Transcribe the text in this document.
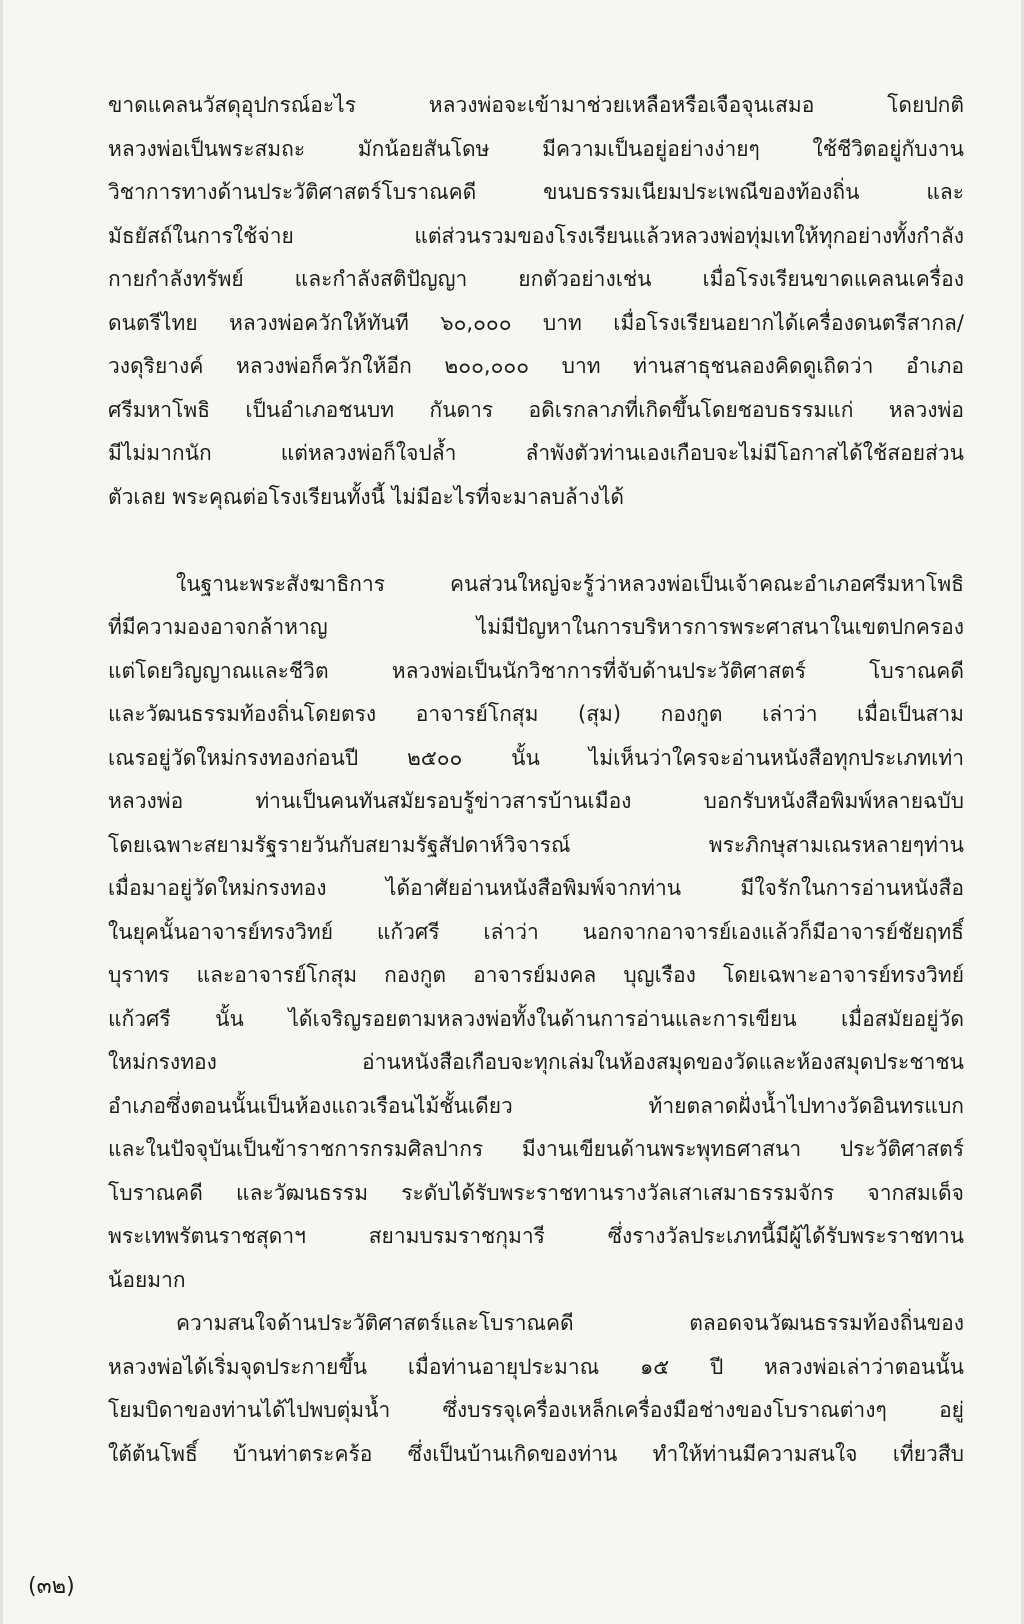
ขาดแคลนวัสดุอุปกรณ์อะไร หลวงพ่อจะเข้ามาช่วยเหลือหรือเจือจุนเสมอ โดยปกติ
หลวงพ่อเป็นพระสมถะ มักน้อยสันโดษ มีความเป็นอยู่อย่างง่ายๆ ใช้ชีวิตอยู่กับงาน
วิชาการทางด้านประวัติศาสตร์โบราณคดี ขนบธรรมเนียมประเพณีของท้องถิ่น และ
มัธยัสถ์ในการใช้จ่าย แต่ส่วนรวมของโรงเรียนแล้วหลวงพ่อทุ่มเทให้ทุกอย่างทั้งกำลัง
กายกำลังทรัพย์ และกำลังสติปัญญา ยกตัวอย่างเช่น เมื่อโรงเรียนขาดแคลนเครื่อง
ดนตรีไทย หลวงพ่อควักให้ทันที ๖๐,๐๐๐ บาท เมื่อโรงเรียนอยากได้เครื่องดนตรีสากล/
วงดุริยางค์ หลวงพ่อก็ควักให้อีก ๒๐๐,๐๐๐ บาท ท่านสาธุชนลองคิดดูเถิดว่า อำเภอ
ศรีมหาโพธิ เป็นอำเภอชนบท กันดาร อดิเรกลาภที่เกิดขึ้นโดยชอบธรรมแก่ หลวงพ่อ
มีไม่มากนัก แต่หลวงพ่อก็ใจปล้ำ ลำพังตัวท่านเองเกือบจะไม่มีโอกาสได้ใช้สอยส่วน
ตัวเลย พระคุณต่อโรงเรียนทั้งนี้ ไม่มีอะไรที่จะมาลบล้างได้
ในฐานะพระสังฆาธิการ คนส่วนใหญ่จะรู้ว่าหลวงพ่อเป็นเจ้าคณะอำเภอศรีมหาโพธิ
ที่มีความองอาจกล้าหาญ ไม่มีปัญหาในการบริหารการพระศาสนาในเขตปกครอง
แต่โดยวิญญาณและชีวิต หลวงพ่อเป็นนักวิชาการที่จับด้านประวัติศาสตร์ โบราณคดี
และวัฒนธรรมท้องถิ่นโดยตรง อาจารย์โกสุม (สุม) กองกูต เล่าว่า เมื่อเป็นสาม
เณรอยู่วัดใหม่กรงทองก่อนปี ๒๕๐๐ นั้น ไม่เห็นว่าใครจะอ่านหนังสือทุกประเภทเท่า
หลวงพ่อ ท่านเป็นคนทันสมัยรอบรู้ข่าวสารบ้านเมือง บอกรับหนังสือพิมพ์หลายฉบับ
โดยเฉพาะสยามรัฐรายวันกับสยามรัฐสัปดาห์วิจารณ์ พระภิกษุสามเณรหลายๆท่าน
เมื่อมาอยู่วัดใหม่กรงทอง ได้อาศัยอ่านหนังสือพิมพ์จากท่าน มีใจรักในการอ่านหนังสือ
ในยุคนั้นอาจารย์ทรงวิทย์ แก้วศรี เล่าว่า นอกจากอาจารย์เองแล้วก็มีอาจารย์ชัยฤทธิ์
บุราทร และอาจารย์โกสุม กองกูต อาจารย์มงคล บุญเรือง โดยเฉพาะอาจารย์ทรงวิทย์
แก้วศรี นั้น ได้เจริญรอยตามหลวงพ่อทั้งในด้านการอ่านและการเขียน เมื่อสมัยอยู่วัด
ใหม่กรงทอง อ่านหนังสือเกือบจะทุกเล่มในห้องสมุดของวัดและห้องสมุดประชาชน
อำเภอซึ่งตอนนั้นเป็นห้องแถวเรือนไม้ชั้นเดียว ท้ายตลาดฝั่งน้ำไปทางวัดอินทรแบก
และในปัจจุบันเป็นข้าราชการกรมศิลปากร มีงานเขียนด้านพระพุทธศาสนา ประวัติศาสตร์
โบราณคดี และวัฒนธรรม ระดับได้รับพระราชทานรางวัลเสาเสมาธรรมจักร จากสมเด็จ
พระเทพรัตนราชสุดาฯ สยามบรมราชกุมารี ซึ่งรางวัลประเภทนี้มีผู้ได้รับพระราชทาน
น้อยมาก
ความสนใจด้านประวัติศาสตร์และโบราณคดี ตลอดจนวัฒนธรรมท้องถิ่นของ
หลวงพ่อได้เริ่มจุดประกายขึ้น เมื่อท่านอายุประมาณ ๑๕ ปี หลวงพ่อเล่าว่าตอนนั้น
โยมบิดาของท่านได้ไปพบตุ่มน้ำ ซึ่งบรรจุเครื่องเหล็กเครื่องมือช่างของโบราณต่างๆ อยู่
ใต้ต้นโพธิ์ บ้านท่าตระคร้อ ซึ่งเป็นบ้านเกิดของท่าน ทำให้ท่านมีความสนใจ เที่ยวสืบ
(๓๒)
